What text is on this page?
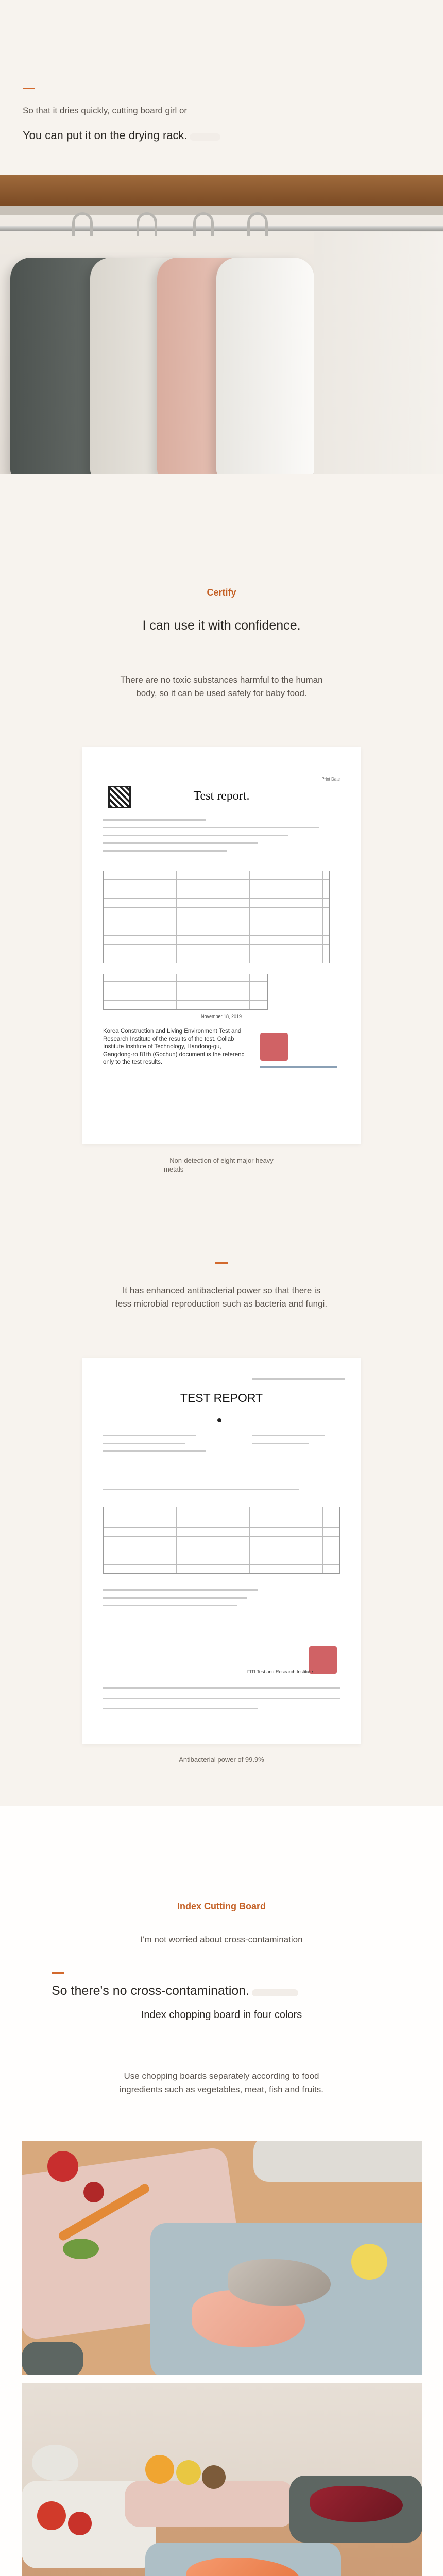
So that it dries quickly, cutting board girl or
You can put it on the drying rack.
Certify
I can use it with confidence.
There are no toxic substances harmful to the human
body, so it can be used safely for baby food.
Print Date
Test report.
Korea Construction and Living Environment Test and
Research Institute of the results of the test. Collab
Institute Institute of Technology, Handong-gu,
Gangdong-ro 81th (Gochun) document is the referenc
only to the test results.
November 18, 2019
Non-detection of eight major heavy
metals
It has enhanced antibacterial power so that there is
less microbial reproduction such as bacteria and fungi.
TEST REPORT
FITI Test and Research Institute
Antibacterial power of 99.9%
Index Cutting Board
I'm not worried about cross-contamination
So there's no cross-contamination.
Index chopping board in four colors
Use chopping boards separately according to food
ingredients such as vegetables, meat, fish and fruits.
